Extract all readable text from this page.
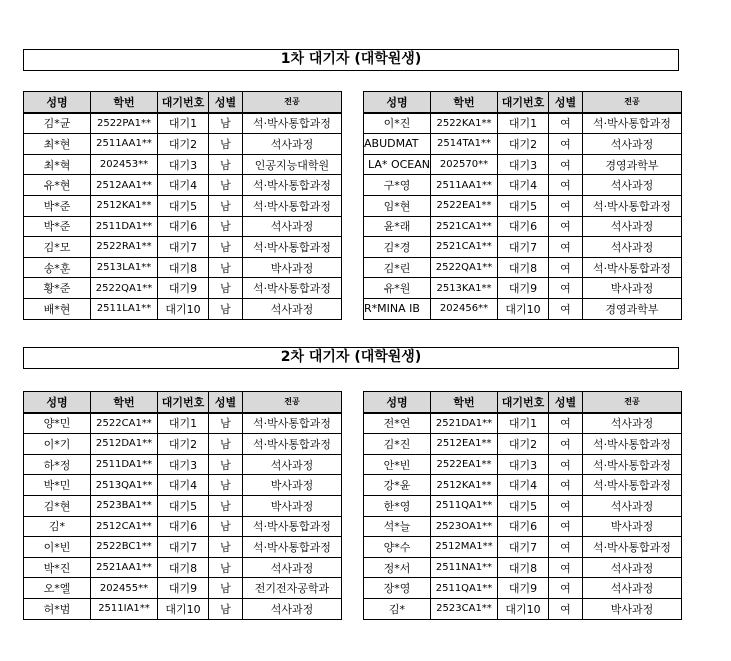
1차 대기자 (대학원생)
성명	학번	대기번호	성별	전공
김*균	2522PA1**	대기1	남	석·박사통합과정
최*현	2511AA1**	대기2	남	석사과정
최*혁	202453**	대기3	남	인공지능대학원
유*현	2512AA1**	대기4	남	석·박사통합과정
박*준	2512KA1**	대기5	남	석·박사통합과정
박*준	2511DA1**	대기6	남	석사과정
김*모	2522RA1**	대기7	남	석·박사통합과정
송*훈	2513LA1**	대기8	남	박사과정
황*준	2522QA1**	대기9	남	석·박사통합과정
배*현	2511LA1**	대기10	남	석사과정
성명	학번	대기번호	성별	전공
이*진	2522KA1**	대기1	여	석·박사통합과정
ABUDMAT	2514TA1**	대기2	여	석사과정
LA* OCEAN	202570**	대기3	여	경영과학부
구*영	2511AA1**	대기4	여	석사과정
임*현	2522EA1**	대기5	여	석·박사통합과정
윤*래	2521CA1**	대기6	여	석사과정
김*경	2521CA1**	대기7	여	석사과정
김*린	2522QA1**	대기8	여	석·박사통합과정
유*원	2513KA1**	대기9	여	박사과정
R*MINA IB	202456**	대기10	여	경영과학부
2차 대기자 (대학원생)
성명	학번	대기번호	성별	전공
양*민	2522CA1**	대기1	남	석·박사통합과정
이*기	2512DA1**	대기2	남	석·박사통합과정
하*정	2511DA1**	대기3	남	석사과정
박*민	2513QA1**	대기4	남	박사과정
김*현	2523BA1**	대기5	남	박사과정
김*	2512CA1**	대기6	남	석·박사통합과정
이*빈	2522BC1**	대기7	남	석·박사통합과정
박*진	2521AA1**	대기8	남	석사과정
오*엘	202455**	대기9	남	전기전자공학과
허*범	2511IA1**	대기10	남	석사과정
성명	학번	대기번호	성별	전공
전*연	2521DA1**	대기1	여	석사과정
김*진	2512EA1**	대기2	여	석·박사통합과정
안*빈	2522EA1**	대기3	여	석·박사통합과정
강*윤	2512KA1**	대기4	여	석·박사통합과정
한*영	2511QA1**	대기5	여	석사과정
석*늘	2523OA1**	대기6	여	박사과정
양*수	2512MA1**	대기7	여	석·박사통합과정
정*서	2511NA1**	대기8	여	석사과정
장*영	2511QA1**	대기9	여	석사과정
김*	2523CA1**	대기10	여	박사과정
